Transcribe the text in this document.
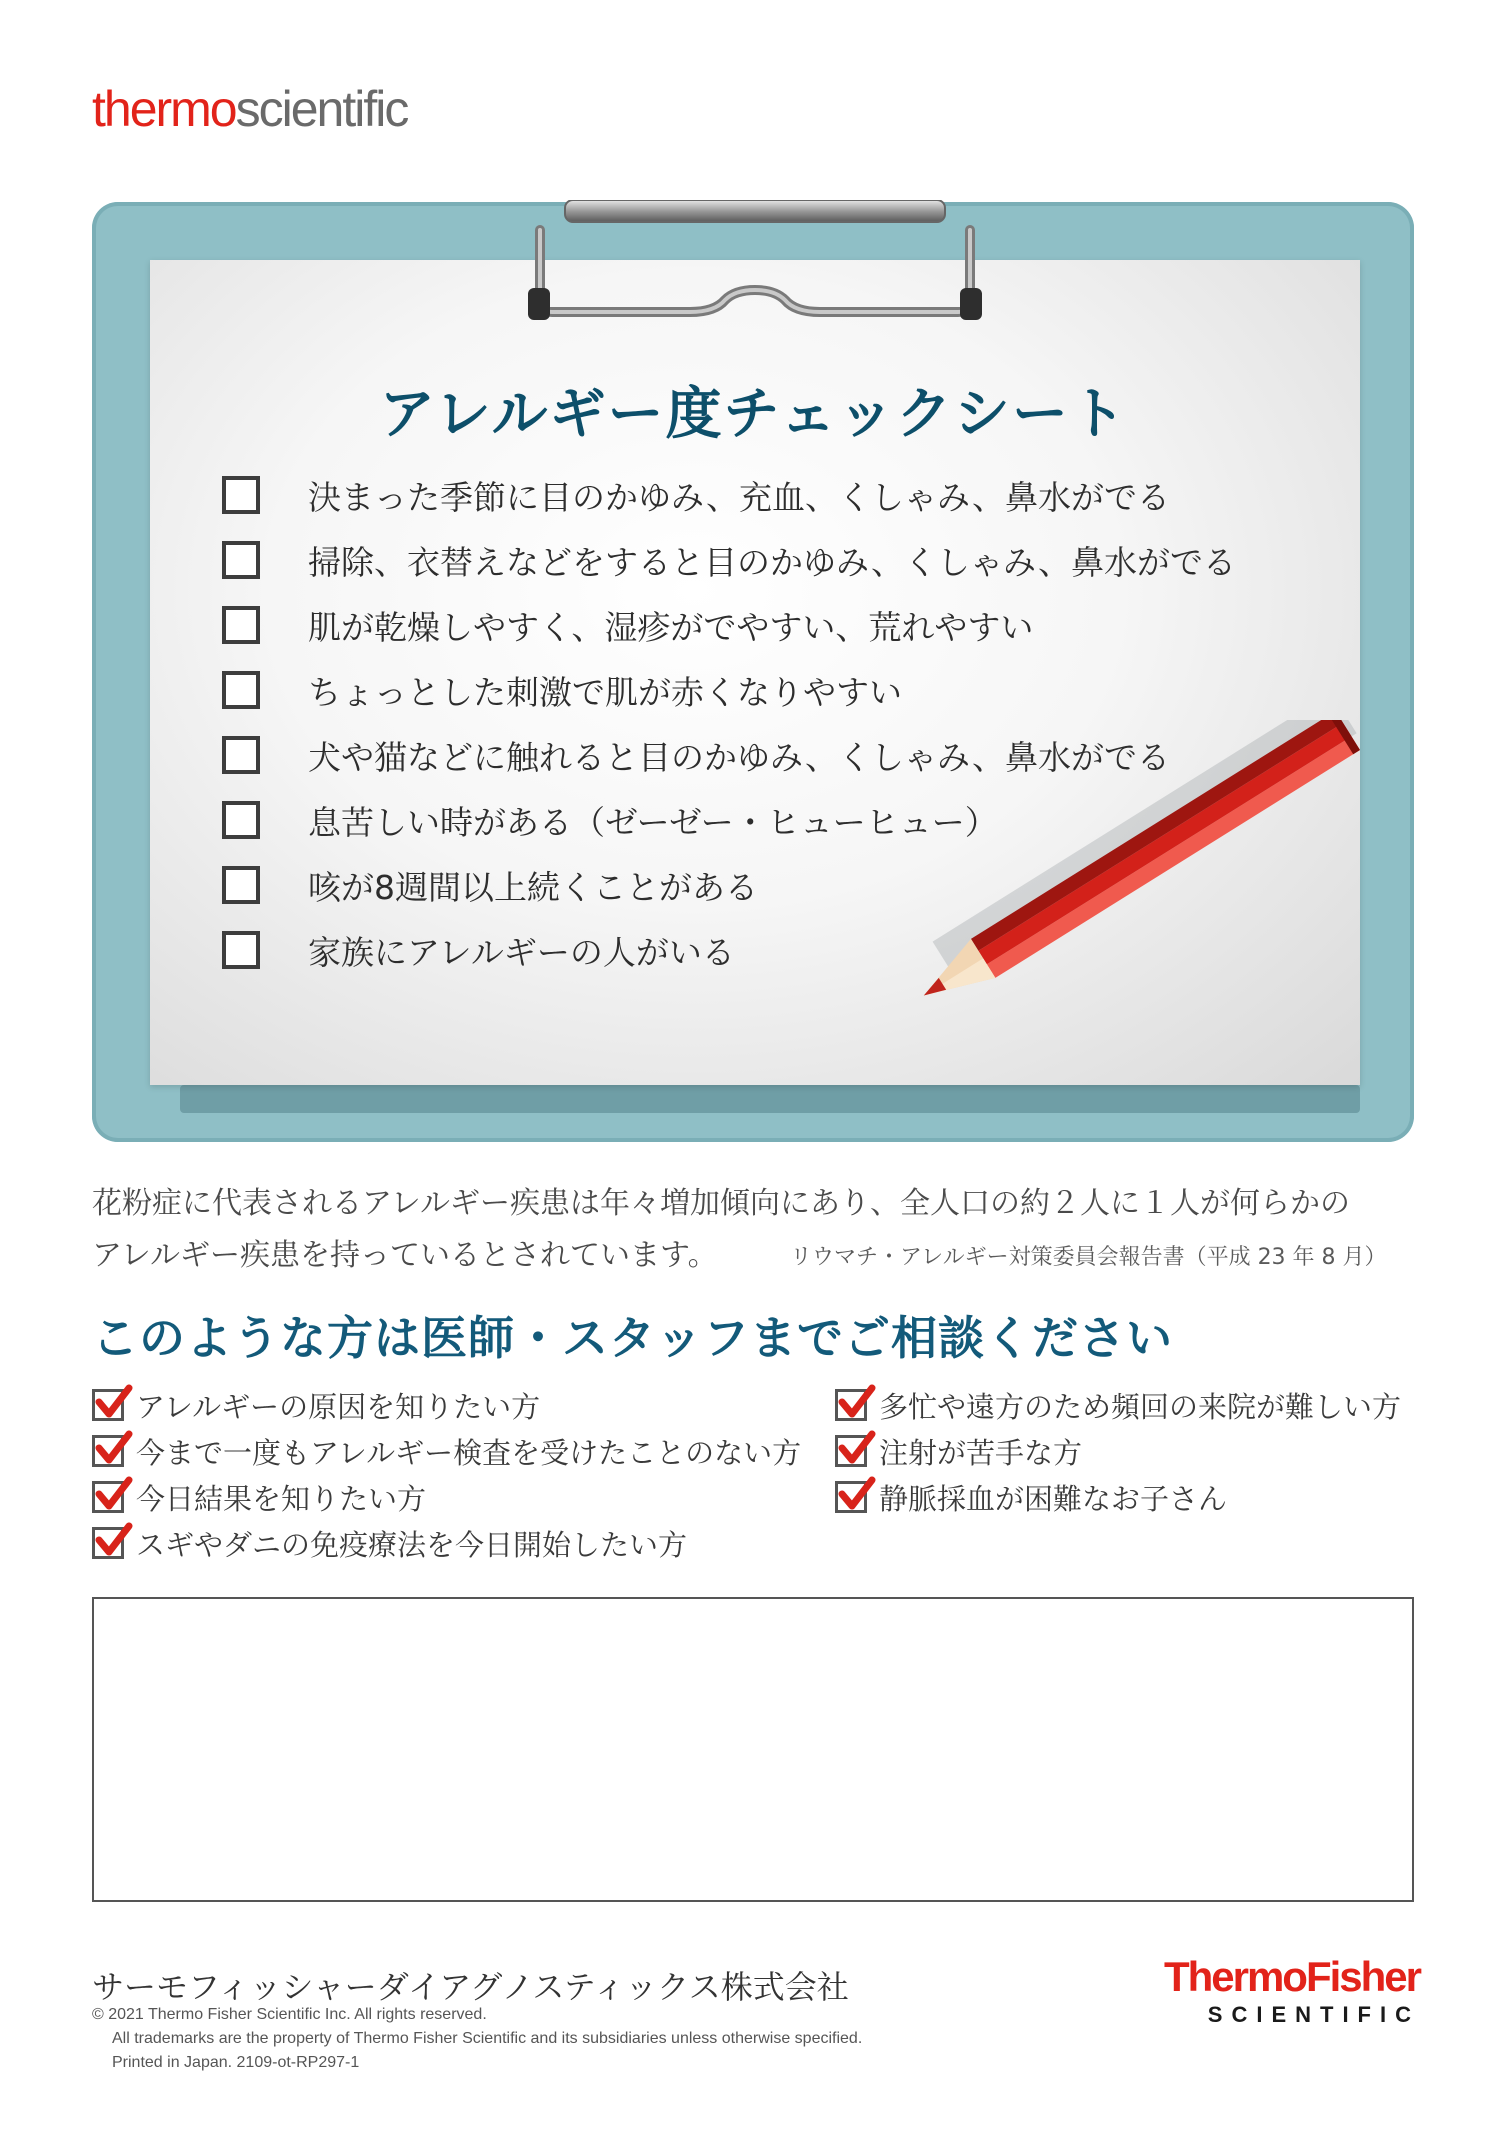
thermoscientific
アレルギー度チェックシート
決まった季節に目のかゆみ、充血、くしゃみ、鼻水がでる
掃除、衣替えなどをすると目のかゆみ、くしゃみ、鼻水がでる
肌が乾燥しやすく、湿疹がでやすい、荒れやすい
ちょっとした刺激で肌が赤くなりやすい
犬や猫などに触れると目のかゆみ、くしゃみ、鼻水がでる
息苦しい時がある（ゼーゼー・ヒューヒュー）
咳が8週間以上続くことがある
家族にアレルギーの人がいる
花粉症に代表されるアレルギー疾患は年々増加傾向にあり、全人口の約２人に１人が何らかの
アレルギー疾患を持っているとされています。	リウマチ・アレルギー対策委員会報告書（平成 23 年 8 月）
このような方は医師・スタッフまでご相談ください
アレルギーの原因を知りたい方
今まで一度もアレルギー検査を受けたことのない方
今日結果を知りたい方
スギやダニの免疫療法を今日開始したい方
多忙や遠方のため頻回の来院が難しい方
注射が苦手な方
静脈採血が困難なお子さん
サーモフィッシャーダイアグノスティックス株式会社
© 2021 Thermo Fisher Scientific Inc. All rights reserved.
All trademarks are the property of Thermo Fisher Scientific and its subsidiaries unless otherwise specified.
Printed in Japan. 2109-ot-RP297-1
ThermoFisher
SCIENTIFIC
